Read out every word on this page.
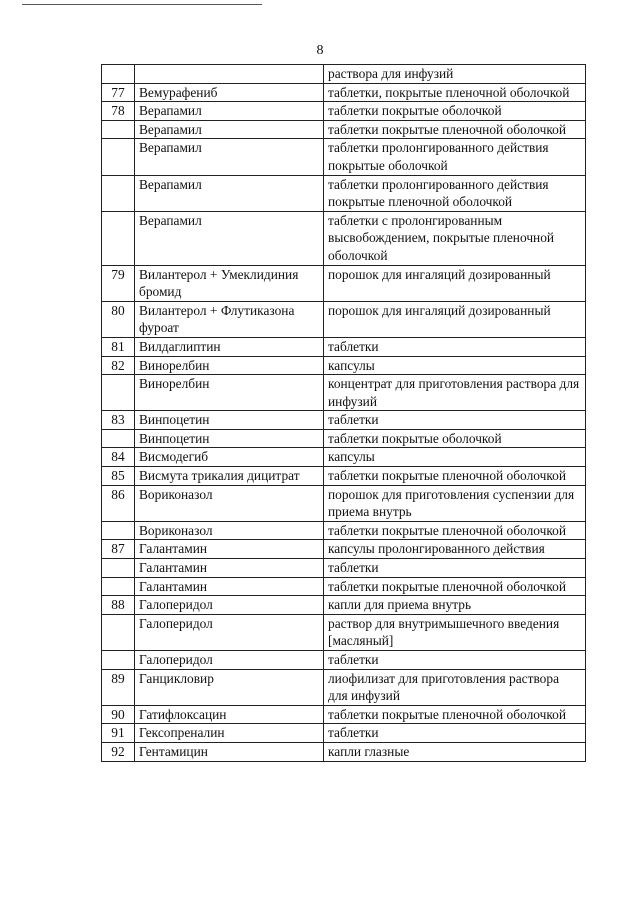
8
		раствора для инфузий
77	Вемурафениб	таблетки, покрытые пленочной оболочкой
78	Верапамил	таблетки покрытые оболочкой
	Верапамил	таблетки покрытые пленочной оболочкой
	Верапамил	таблетки пролонгированного действия покрытые оболочкой
	Верапамил	таблетки пролонгированного действия покрытые пленочной оболочкой
	Верапамил	таблетки с пролонгированным высвобождением, покрытые пленочной оболочкой
79	Вилантерол + Умеклидиния бромид	порошок для ингаляций дозированный
80	Вилантерол + Флутиказона фуроат	порошок для ингаляций дозированный
81	Вилдаглиптин	таблетки
82	Винорелбин	капсулы
	Винорелбин	концентрат для приготовления раствора для инфузий
83	Винпоцетин	таблетки
	Винпоцетин	таблетки покрытые оболочкой
84	Висмодегиб	капсулы
85	Висмута трикалия дицитрат	таблетки покрытые пленочной оболочкой
86	Вориконазол	порошок для приготовления суспензии для приема внутрь
	Вориконазол	таблетки покрытые пленочной оболочкой
87	Галантамин	капсулы пролонгированного действия
	Галантамин	таблетки
	Галантамин	таблетки покрытые пленочной оболочкой
88	Галоперидол	капли для приема внутрь
	Галоперидол	раствор для внутримышечного введения [масляный]
	Галоперидол	таблетки
89	Ганцикловир	лиофилизат для приготовления раствора для инфузий
90	Гатифлоксацин	таблетки покрытые пленочной оболочкой
91	Гексопреналин	таблетки
92	Гентамицин	капли глазные
